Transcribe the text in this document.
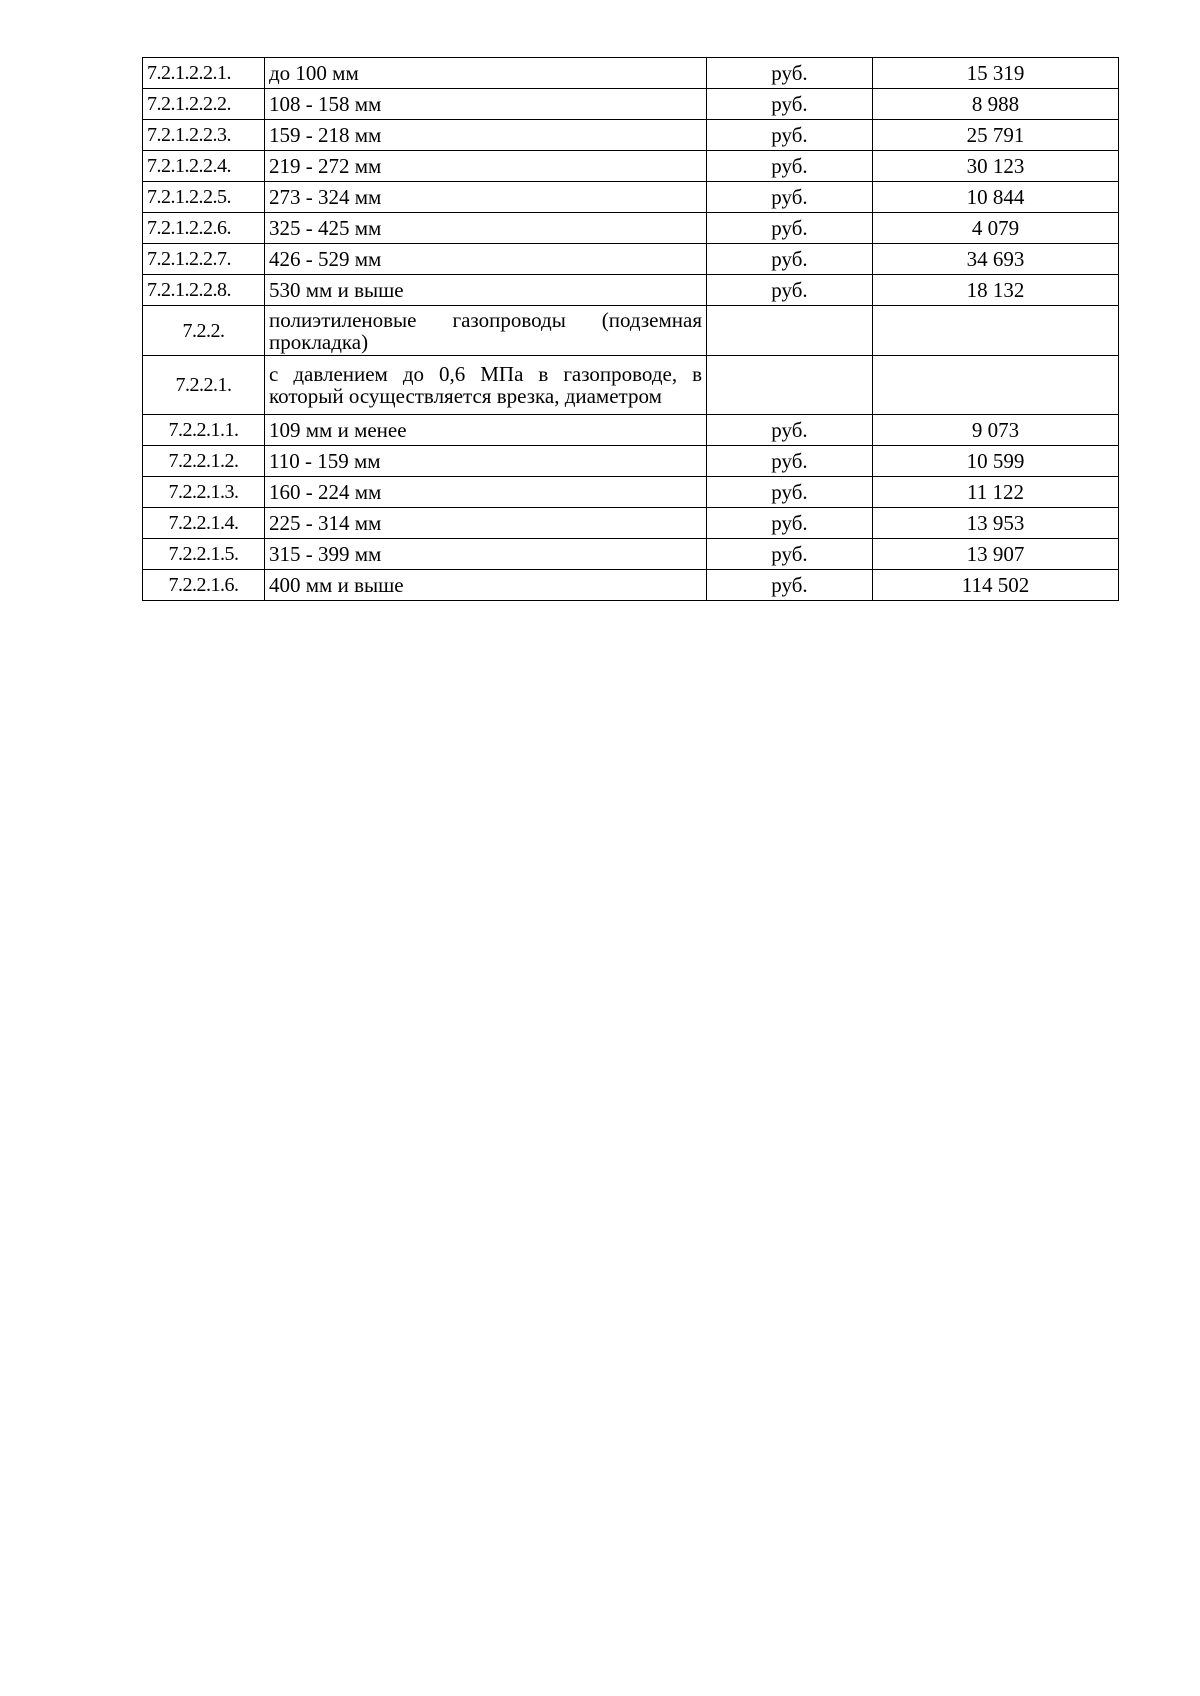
7.2.1.2.2.1.	до 100 мм	руб.	15 319
7.2.1.2.2.2.	108 - 158 мм	руб.	8 988
7.2.1.2.2.3.	159 - 218 мм	руб.	25 791
7.2.1.2.2.4.	219 - 272 мм	руб.	30 123
7.2.1.2.2.5.	273 - 324 мм	руб.	10 844
7.2.1.2.2.6.	325 - 425 мм	руб.	4 079
7.2.1.2.2.7.	426 - 529 мм	руб.	34 693
7.2.1.2.2.8.	530 мм и выше	руб.	18 132
7.2.2.	полиэтиленовые газопроводы (подземная прокладка)		
7.2.2.1.	с давлением до 0,6 МПа в газопроводе, в который осуществляется врезка, диаметром		
7.2.2.1.1.	109 мм и менее	руб.	9 073
7.2.2.1.2.	110 - 159 мм	руб.	10 599
7.2.2.1.3.	160 - 224 мм	руб.	11 122
7.2.2.1.4.	225 - 314 мм	руб.	13 953
7.2.2.1.5.	315 - 399 мм	руб.	13 907
7.2.2.1.6.	400 мм и выше	руб.	114 502
